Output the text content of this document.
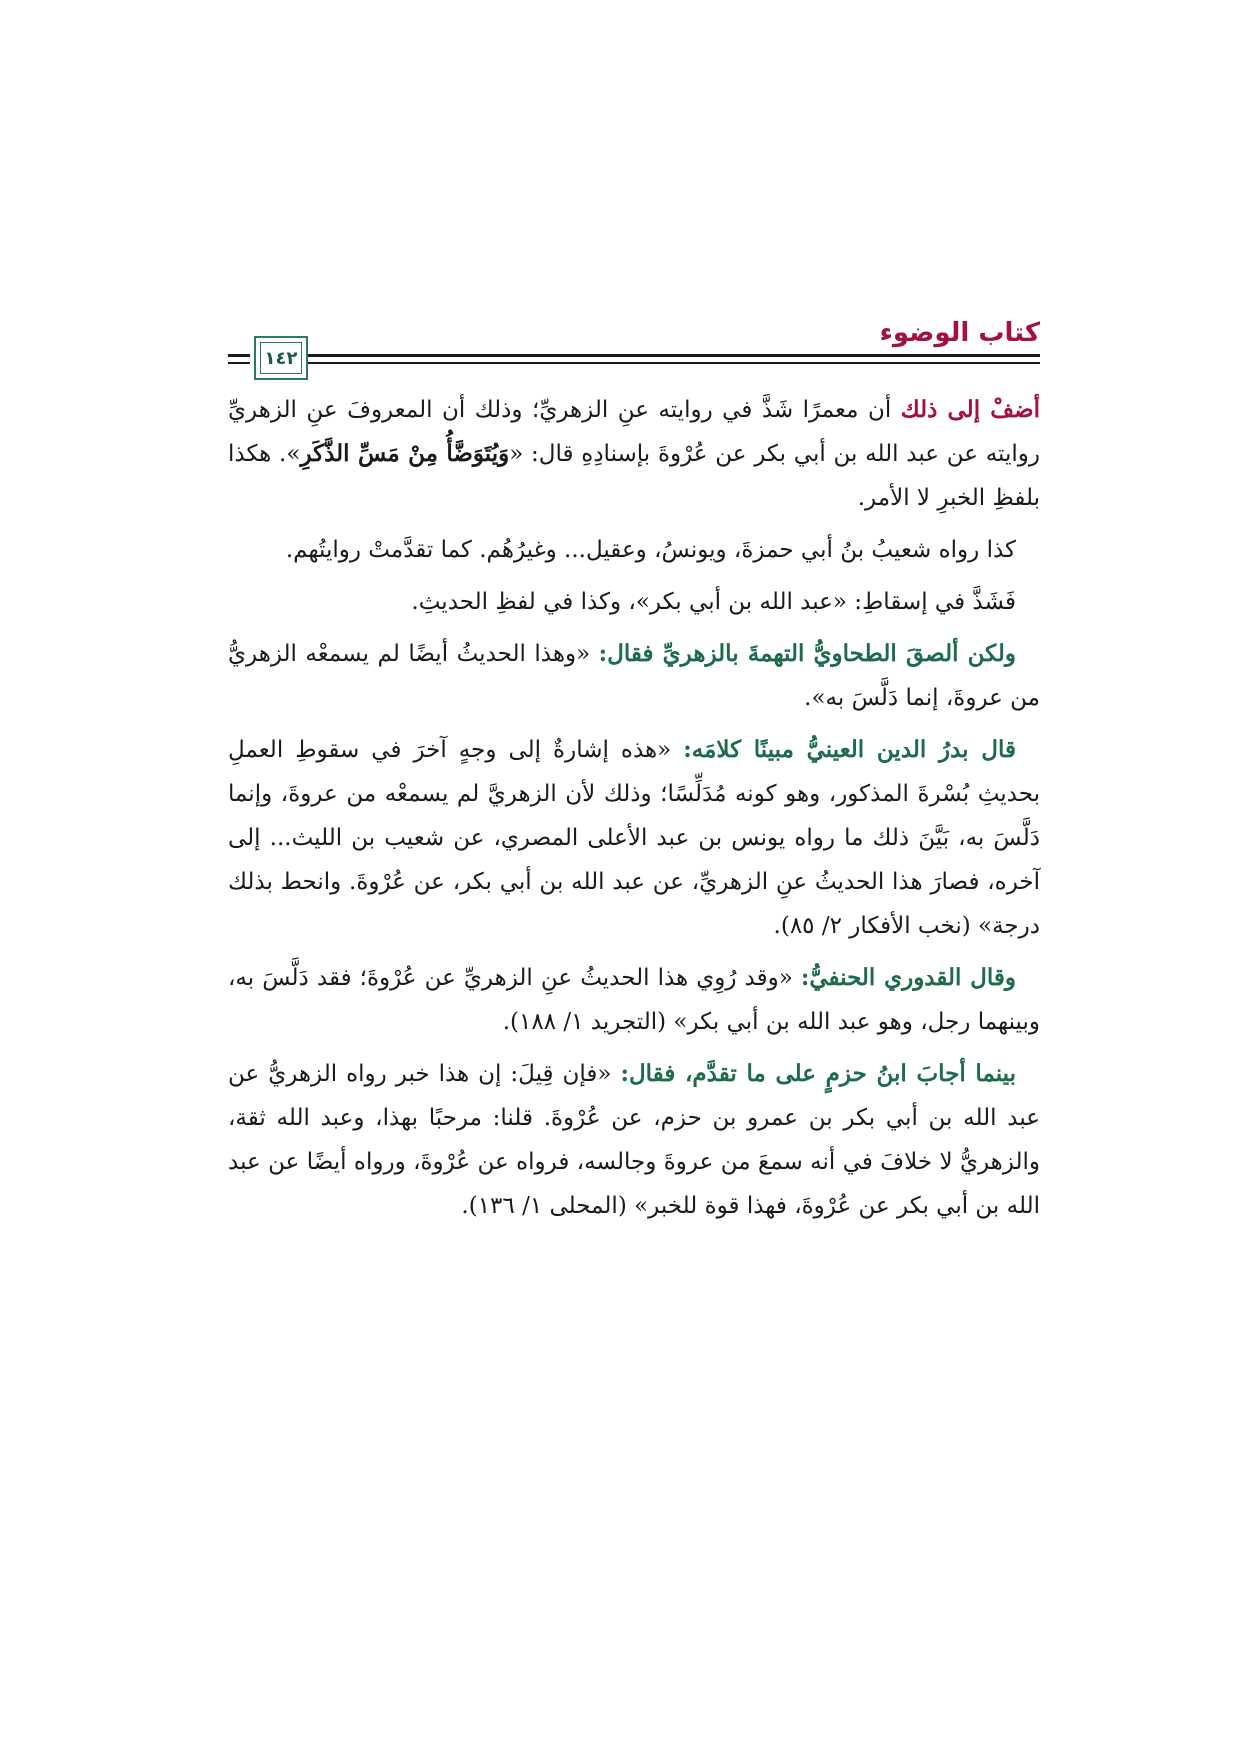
كتاب الوضوء
١٤٢

أضفْ إلى ذلك أن معمرًا شَذَّ في روايته عنِ الزهريِّ؛ وذلك أن المعروفَ عنِ الزهريِّ روايته عن عبد الله بن أبي بكر عن عُرْوةَ بإسنادِهِ قال: «وَيُتَوَضَّأُ مِنْ مَسِّ الذَّكَرِ». هكذا بلفظِ الخبرِ لا الأمر.

كذا رواه شعيبُ بنُ أبي حمزةَ، ويونسُ، وعقيل... وغيرُهُم. كما تقدَّمتْ روايتُهم.

فَشَذَّ في إسقاطِ: «عبد الله بن أبي بكر»، وكذا في لفظِ الحديثِ.

ولكن ألصقَ الطحاويُّ التهمةَ بالزهريِّ فقال: «وهذا الحديثُ أيضًا لم يسمعْه الزهريُّ من عروةَ، إنما دَلَّسَ به».

قال بدرُ الدين العينيُّ مبينًا كلامَه: «هذه إشارةٌ إلى وجهٍ آخرَ في سقوطِ العملِ بحديثِ بُسْرةَ المذكور، وهو كونه مُدَلِّسًا؛ وذلك لأن الزهريَّ لم يسمعْه من عروةَ، وإنما دَلَّسَ به، بَيَّنَ ذلك ما رواه يونس بن عبد الأعلى المصري، عن شعيب بن الليث... إلى آخره، فصارَ هذا الحديثُ عنِ الزهريِّ، عن عبد الله بن أبي بكر، عن عُرْوةَ. وانحط بذلك درجة» (نخب الأفكار ٢/ ٨٥).

وقال القدوري الحنفيُّ: «وقد رُوِي هذا الحديثُ عنِ الزهريِّ عن عُرْوةَ؛ فقد دَلَّسَ به، وبينهما رجل، وهو عبد الله بن أبي بكر» (التجريد ١/ ١٨٨).

بينما أجابَ ابنُ حزمٍ على ما تقدَّم، فقال: «فإن قِيلَ: إن هذا خبر رواه الزهريُّ عن عبد الله بن أبي بكر بن عمرو بن حزم، عن عُرْوةَ. قلنا: مرحبًا بهذا، وعبد الله ثقة، والزهريُّ لا خلافَ في أنه سمعَ من عروةَ وجالسه، فرواه عن عُرْوةَ، ورواه أيضًا عن عبد الله بن أبي بكر عن عُرْوةَ، فهذا قوة للخبر» (المحلى ١/ ١٣٦).
